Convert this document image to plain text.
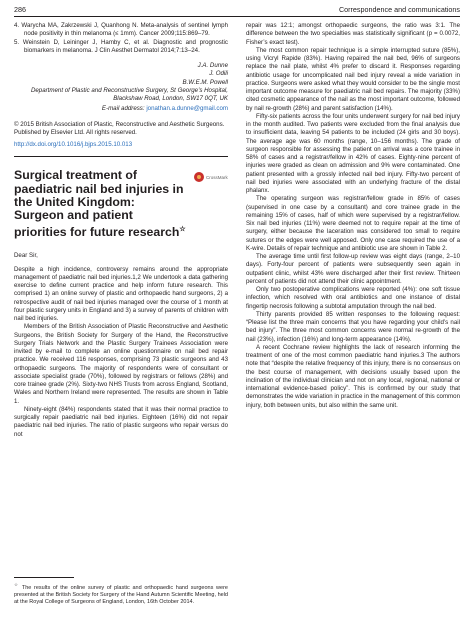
286	Correspondence and communications
4. Warycha MA, Zakrzewski J, Quanhong N. Meta-analysis of sentinel lymph node positivity in thin melanoma (≤ 1mm). Cancer 2009;115:869–79.
5. Weinstein D, Leininger J, Hamby C, et al. Diagnostic and prognostic biomarkers in melanoma. J Clin Aesthet Dermatol 2014;7:13–24.
J.A. Dunne
J. Odili
B.W.E.M. Powell
Department of Plastic and Reconstructive Surgery, St George’s Hospital, Blackshaw Road, London, SW17 0QT, UK
E-mail address: jonathan.a.dunne@gmail.com
© 2015 British Association of Plastic, Reconstructive and Aesthetic Surgeons. Published by Elsevier Ltd. All rights reserved.
http://dx.doi.org/10.1016/j.bjps.2015.10.013
Surgical treatment of paediatric nail bed injuries in the United Kingdom: Surgeon and patient priorities for future research☆
CrossMark
Dear Sir,

Despite a high incidence, controversy remains around the appropriate management of paediatric nail bed injuries.1,2 We undertook a data gathering exercise to define current practice and help inform future research. This comprised 1) an online survey of plastic and orthopaedic hand surgeons, 2) a retrospective audit of nail bed injuries managed over the course of 1 month at four plastic surgery units in England and 3) a survey of parents of children with nail bed injuries.

Members of the British Association of Plastic Reconstructive and Aesthetic Surgeons, the British Society for Surgery of the Hand, the Reconstructive Surgery Trials Network and the Plastic Surgery Trainees Association were invited by e-mail to complete an online questionnaire on nail bed repair practice. We received 116 responses, comprising 73 plastic surgeons and 43 orthopaedic surgeons. The majority of respondents were of consultant or associate specialist grade (70%), followed by registrars or fellows (28%) and core trainee grade (2%). Sixty-two NHS Trusts from across England, Scotland, Wales and Northern Ireland were represented. The results are shown in Table 1.

Ninety-eight (84%) respondents stated that it was their normal practice to surgically repair paediatric nail bed injuries. Eighteen (16%) did not repair paediatric nail bed injuries. The ratio of plastic surgeons who repair versus do not

repair was 12:1; amongst orthopaedic surgeons, the ratio was 3:1. The difference between the two specialties was statistically significant (p = 0.0072, Fisher’s exact test).

The most common repair technique is a simple interrupted suture (85%), using Vicryl Rapide (83%). Having repaired the nail bed, 96% of surgeons replace the nail plate, whilst 4% prefer to discard it. Responses regarding antibiotic usage for uncomplicated nail bed injury reveal a wide variation in practice. Surgeons were asked what they would consider to be the single most important outcome measure for paediatric nail bed repairs. The majority (33%) cited cosmetic appearance of the nail as the most important outcome, followed by nail re-growth (28%) and parent satisfaction (14%).

Fifty-six patients across the four units underwent surgery for nail bed injury in the month audited. Two patients were excluded from the final analysis due to insufficient data, leaving 54 patients to be included (24 girls and 30 boys). The average age was 60 months (range, 10–156 months). The grade of surgeon responsible for assessing the patient on arrival was a core trainee in 58% of cases and a registrar/fellow in 42% of cases. Eighty-nine percent of injuries were graded as clean on admission and 9% were contaminated. One patient presented with a grossly infected nail bed injury. Fifty-two percent of nail bed injuries were associated with an underlying fracture of the distal phalanx.

The operating surgeon was registrar/fellow grade in 85% of cases (supervised in one case by a consultant) and core trainee grade in the remaining 15% of cases, half of which were supervised by a registrar/fellow. Six nail bed injuries (11%) were deemed not to require repair at the time of surgery, either because the laceration was considered too small to require sutures or the edges were well apposed. Only one case required the use of a K-wire. Details of repair technique and antibiotic use are shown in Table 2.

The average time until first follow-up review was eight days (range, 2–10 days). Forty-four percent of patients were subsequently seen again in outpatient clinic, whilst 43% were discharged after their first review. Thirteen percent of patients did not attend their clinic appointment.

Only two postoperative complications were reported (4%): one soft tissue infection, which resolved with oral antibiotics and one instance of distal fingertip necrosis following a subtotal amputation through the nail bed.

Thirty parents provided 85 written responses to the following request: “Please list the three main concerns that you have regarding your child’s nail bed injury”. The three most common concerns were normal re-growth of the nail (23%), infection (16%) and long-term appearance (14%).

A recent Cochrane review highlights the lack of research informing the treatment of one of the most common paediatric hand injuries.3 The authors note that “despite the relative frequency of this injury, there is no consensus on the best course of management, with decisions usually based upon the inclination of the individual clinician and not on any local, regional, national or international evidence-based policy”. This is confirmed by our study that demonstrates the wide variation in practice in the management of this common injury, both between units, but also within the same unit.

☆ The results of the online survey of plastic and orthopaedic hand surgeons were presented at the British Society for Surgery of the Hand Autumn Scientific Meeting, held at the Royal College of Surgeons of England, London, 16th October 2014.
